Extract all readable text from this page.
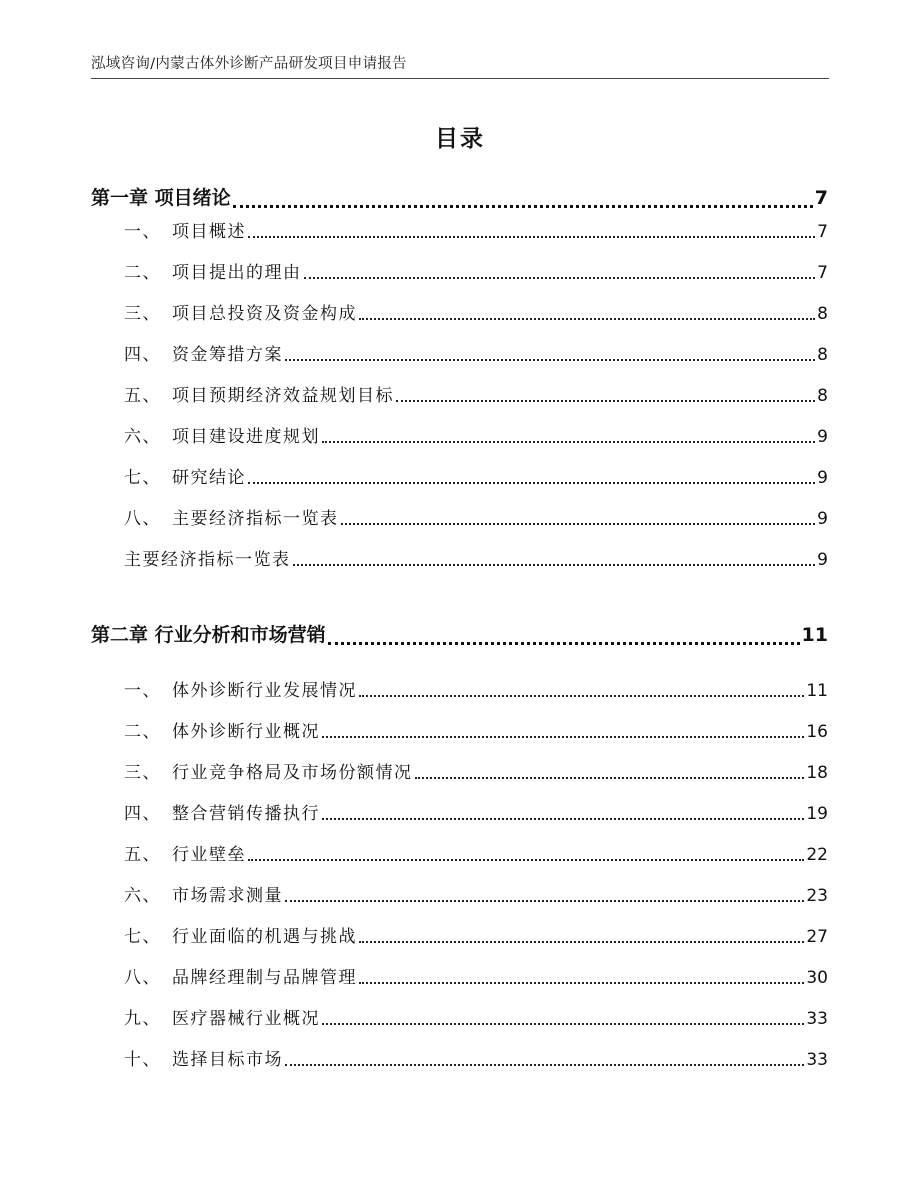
泓域咨询/内蒙古体外诊断产品研发项目申请报告
目录
第一章 项目绪论	7
一、 项目概述	7
二、 项目提出的理由	7
三、 项目总投资及资金构成	8
四、 资金筹措方案	8
五、 项目预期经济效益规划目标	8
六、 项目建设进度规划	9
七、 研究结论	9
八、 主要经济指标一览表	9
主要经济指标一览表	9
第二章 行业分析和市场营销	11
一、 体外诊断行业发展情况	11
二、 体外诊断行业概况	16
三、 行业竞争格局及市场份额情况	18
四、 整合营销传播执行	19
五、 行业壁垒	22
六、 市场需求测量	23
七、 行业面临的机遇与挑战	27
八、 品牌经理制与品牌管理	30
九、 医疗器械行业概况	33
十、 选择目标市场	33
